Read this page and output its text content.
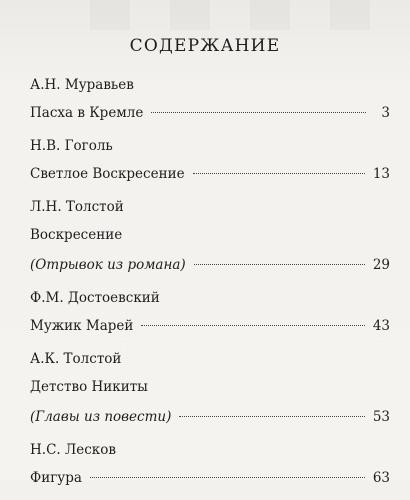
СОДЕРЖАНИЕ
А.Н. Муравьев
Пасха в Кремле	3
Н.В. Гоголь
Светлое Воскресение	13
Л.Н. Толстой
Воскресение
(Отрывок из романа)	29
Ф.М. Достоевский
Мужик Марей	43
А.К. Толстой
Детство Никиты
(Главы из повести)	53
Н.С. Лесков
Фигура	63
